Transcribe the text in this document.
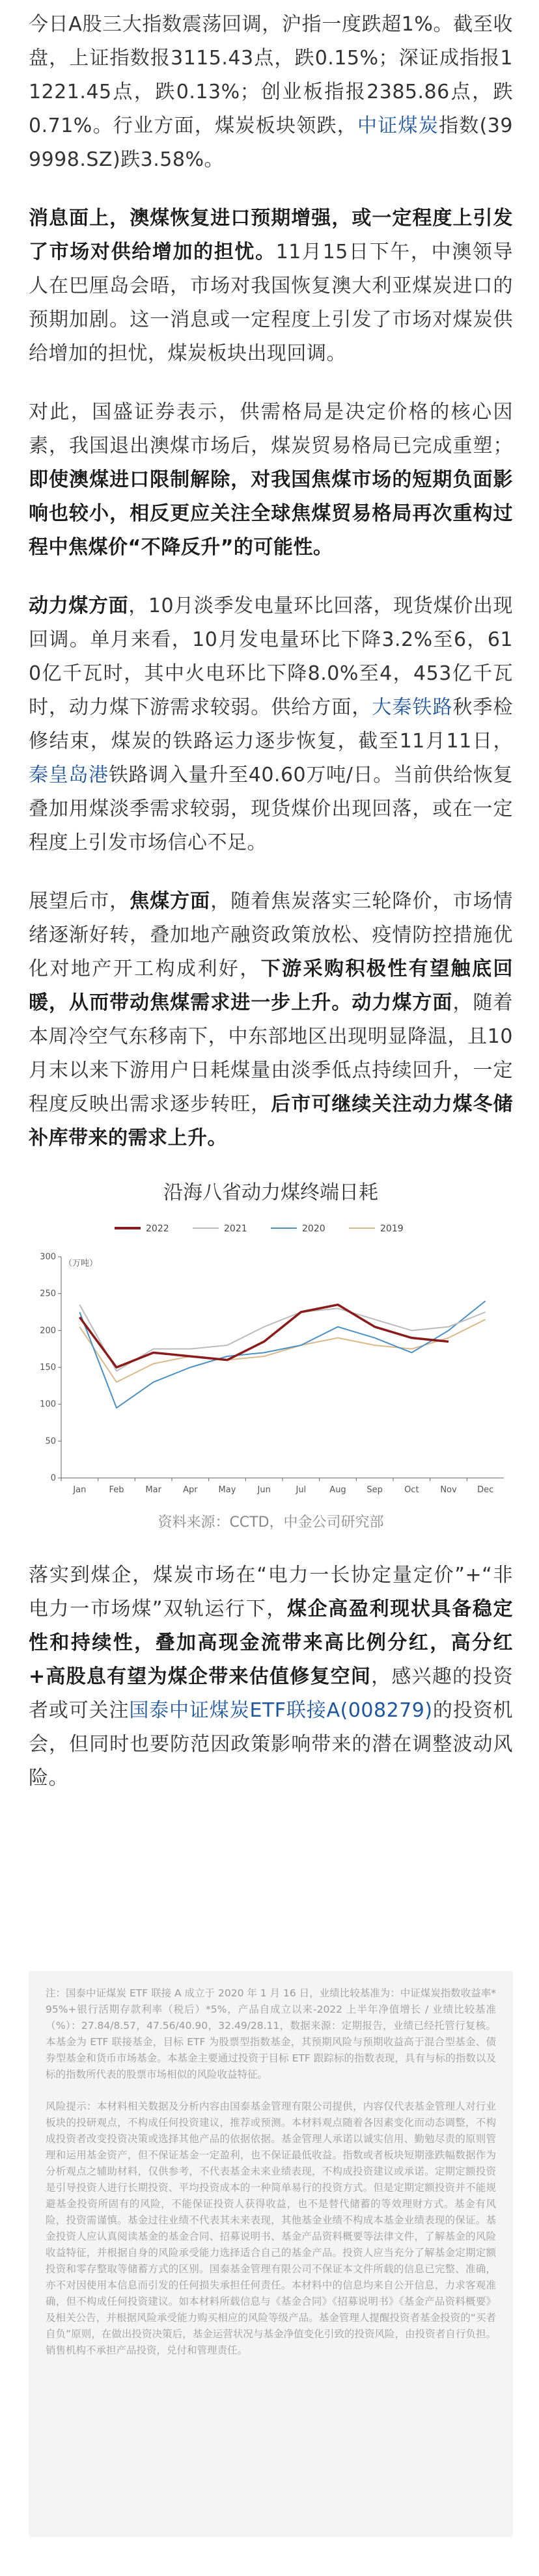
今日A股三大指数震荡回调，沪指一度跌超1%。截至收盘，上证指数报3115.43点，跌0.15%；深证成指报11221.45点，跌0.13%；创业板指报2385.86点，跌0.71%。行业方面，煤炭板块领跌，中证煤炭指数(399998.SZ)跌3.58%。

消息面上，澳煤恢复进口预期增强，或一定程度上引发了市场对供给增加的担忧。11月15日下午，中澳领导人在巴厘岛会晤，市场对我国恢复澳大利亚煤炭进口的预期加剧。这一消息或一定程度上引发了市场对煤炭供给增加的担忧，煤炭板块出现回调。

对此，国盛证券表示，供需格局是决定价格的核心因素，我国退出澳煤市场后，煤炭贸易格局已完成重塑；即使澳煤进口限制解除，对我国焦煤市场的短期负面影响也较小，相反更应关注全球焦煤贸易格局再次重构过程中焦煤价“不降反升”的可能性。

动力煤方面，10月淡季发电量环比回落，现货煤价出现回调。单月来看，10月发电量环比下降3.2%至6，610亿千瓦时，其中火电环比下降8.0%至4，453亿千瓦时，动力煤下游需求较弱。供给方面，大秦铁路秋季检修结束，煤炭的铁路运力逐步恢复，截至11月11日，秦皇岛港铁路调入量升至40.60万吨/日。当前供给恢复叠加用煤淡季需求较弱，现货煤价出现回落，或在一定程度上引发市场信心不足。

展望后市，焦煤方面，随着焦炭落实三轮降价，市场情绪逐渐好转，叠加地产融资政策放松、疫情防控措施优化对地产开工构成利好，下游采购积极性有望触底回暖，从而带动焦煤需求进一步上升。动力煤方面，随着本周冷空气东移南下，中东部地区出现明显降温，且10月末以来下游用户日耗煤量由淡季低点持续回升，一定程度反映出需求逐步转旺，后市可继续关注动力煤冬储补库带来的需求上升。

沿海八省动力煤终端日耗
2022	2021	2020	2019
（万吨）
0
50
100
150
200
250
300
Jan	Feb	Mar	Apr May	Jun	Jul	Aug Sep	Oct	Nov Dec
资料来源：CCTD，中金公司研究部

落实到煤企，煤炭市场在“电力一长协定量定价”+“非电力一市场煤”双轨运行下，煤企高盈利现状具备稳定性和持续性，叠加高现金流带来高比例分红，高分红+高股息有望为煤企带来估值修复空间，感兴趣的投资者或可关注国泰中证煤炭ETF联接A(008279)的投资机会，但同时也要防范因政策影响带来的潜在调整波动风险。

注：国泰中证煤炭 ETF 联接 A 成立于 2020 年 1 月 16 日，业绩比较基准为：中证煤炭指数收益率*95%+银行活期存款利率（税后）*5%，产品自成立以来-2022 上半年净值增长 / 业绩比较基准（%）：27.84/8.57，47.56/40.90，32.49/28.11，数据来源：定期报告，业绩已经托管行复核。本基金为 ETF 联接基金，目标 ETF 为股票型指数基金，其预期风险与预期收益高于混合型基金、债券型基金和货币市场基金。本基金主要通过投资于目标 ETF 跟踪标的指数表现，具有与标的指数以及标的指数所代表的股票市场相似的风险收益特征。

风险提示：本材料相关数据及分析内容由国泰基金管理有限公司提供，内容仅代表基金管理人对行业板块的投研观点，不构成任何投资建议，推荐或预测。本材料观点随着各因素变化而动态调整，不构成投资者改变投资决策或选择其他产品的依据依据。基金管理人承诺以诚实信用、勤勉尽责的原则管理和运用基金资产，但不保证基金一定盈利，也不保证最低收益。指数或者板块短期涨跌幅数据作为分析观点之辅助材料，仅供参考，不代表基金未来业绩表现，不构成投资建议或承诺。定期定额投资是引导投资人进行长期投资、平均投资成本的一种简单易行的投资方式。但是定期定额投资并不能规避基金投资所固有的风险，不能保证投资人获得收益，也不是替代储蓄的等效理财方式。基金有风险，投资需谨慎。基金过往业绩不代表其未来表现，其他基金业绩不构成本基金业绩表现的保证。基金投资人应认真阅读基金的基金合同、招募说明书、基金产品资料概要等法律文件，了解基金的风险收益特征，并根据自身的风险承受能力选择适合自己的基金产品。投资人应当充分了解基金定期定额投资和零存整取等储蓄方式的区别。国泰基金管理有限公司不保证本文件所载的信息已完整、准确，亦不对因使用本信息而引发的任何损失承担任何责任。本材料中的信息均来自公开信息，力求客观准确，但不构成任何投资建议。如本材料所载信息与《基金合同》《招募说明书》《基金产品资料概要》及相关公告，并根据风险承受能力购买相应的风险等级产品。基金管理人提醒投资者基金投资的“买者自负”原则，在做出投资决策后，基金运营状况与基金净值变化引致的投资风险，由投资者自行负担。销售机构不承担产品投资，兑付和管理责任。
